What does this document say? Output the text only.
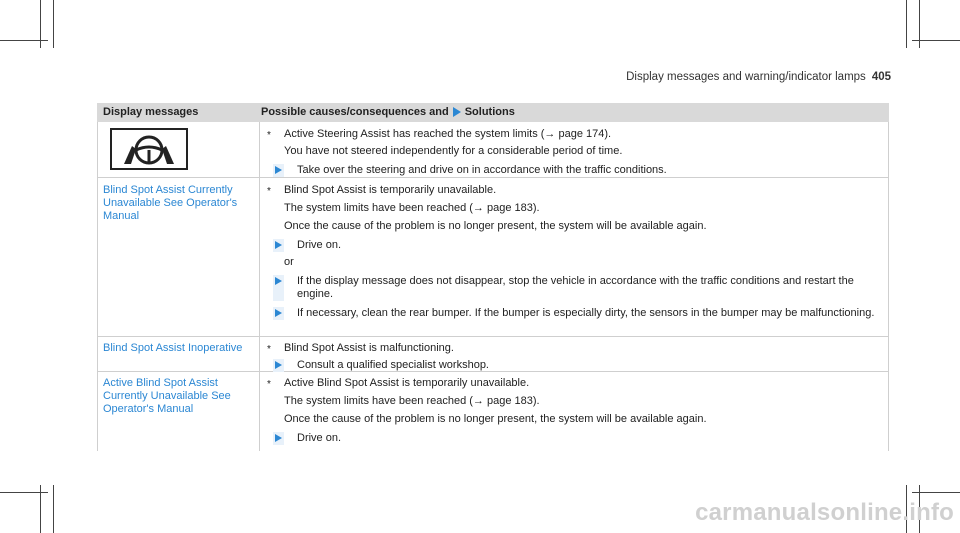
Display messages and warning/indicator lamps 405
Display messages	Possible causes/consequences and Solutions
* Active Steering Assist has reached the system limits (→ page 174).
You have not steered independently for a considerable period of time.
Take over the steering and drive on in accordance with the traffic conditions.
Blind Spot Assist Currently Unavailable See Operator's Manual
* Blind Spot Assist is temporarily unavailable.
The system limits have been reached (→ page 183).
Once the cause of the problem is no longer present, the system will be available again.
Drive on.
or
If the display message does not disappear, stop the vehicle in accordance with the traffic conditions and restart the engine.
If necessary, clean the rear bumper. If the bumper is especially dirty, the sensors in the bumper may be malfunctioning.
Blind Spot Assist Inoperative	* Blind Spot Assist is malfunctioning.
Consult a qualified specialist workshop.
Active Blind Spot Assist Currently Unavailable See Operator's Manual
* Active Blind Spot Assist is temporarily unavailable.
The system limits have been reached (→ page 183).
Once the cause of the problem is no longer present, the system will be available again.
Drive on.
carmanualsonline.info
